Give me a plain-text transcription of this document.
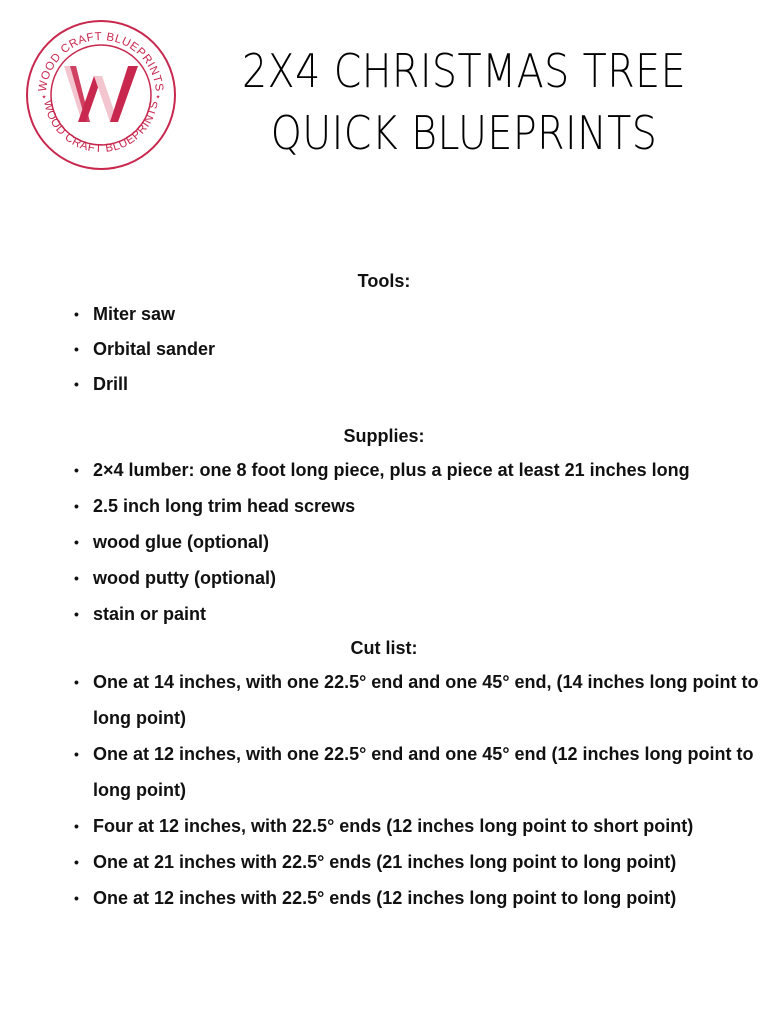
WOOD CRAFT BLUEPRINTS
WOOD CRAFT BLUEPRINTS
✦	✦ 2X4 CHRISTMAS TREE
QUICK BLUEPRINTS
Tools:
• Miter saw
• Orbital sander
• Drill
Supplies:
• 2×4 lumber: one 8 foot long piece, plus a piece at least 21 inches long
• 2.5 inch long trim head screws
• wood glue (optional)
• wood putty (optional)
• stain or paint
Cut list:
• One at 14 inches, with one 22.5° end and one 45° end, (14 inches long point to long point)
• One at 12 inches, with one 22.5° end and one 45° end (12 inches long point to long point)
• Four at 12 inches, with 22.5° ends (12 inches long point to short point)
• One at 21 inches with 22.5° ends (21 inches long point to long point)
• One at 12 inches with 22.5° ends (12 inches long point to long point)
